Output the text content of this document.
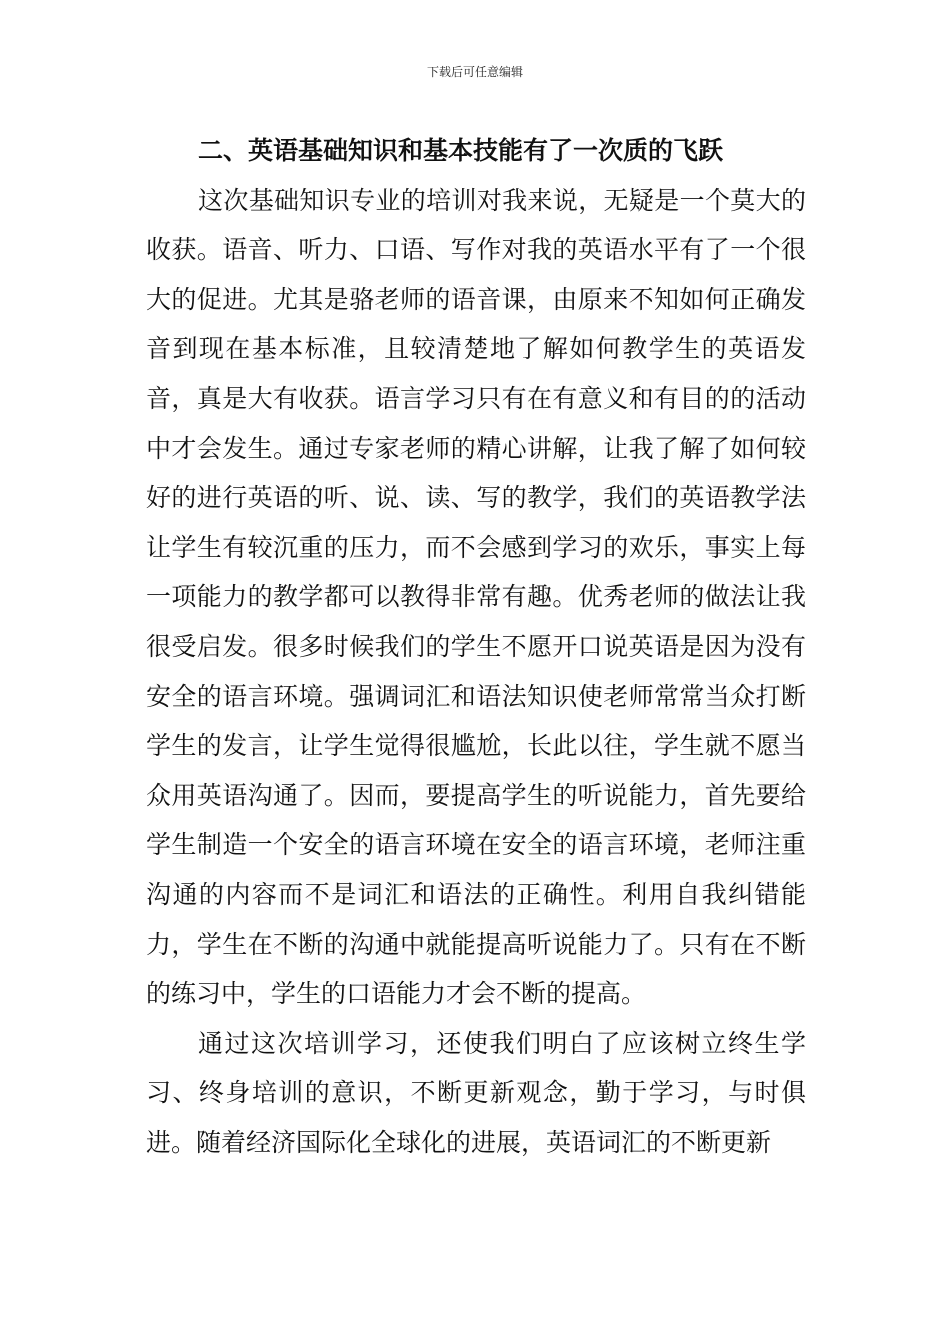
下载后可任意编辑
二、英语基础知识和基本技能有了一次质的飞跃

这次基础知识专业的培训对我来说，无疑是一个莫大的收获。语音、听力、口语、写作对我的英语水平有了一个很大的促进。尤其是骆老师的语音课，由原来不知如何正确发音到现在基本标准，且较清楚地了解如何教学生的英语发音，真是大有收获。语言学习只有在有意义和有目的的活动中才会发生。通过专家老师的精心讲解，让我了解了如何较好的进行英语的听、说、读、写的教学，我们的英语教学法让学生有较沉重的压力，而不会感到学习的欢乐，事实上每一项能力的教学都可以教得非常有趣。优秀老师的做法让我很受启发。很多时候我们的学生不愿开口说英语是因为没有安全的语言环境。强调词汇和语法知识使老师常常当众打断学生的发言，让学生觉得很尴尬，长此以往，学生就不愿当众用英语沟通了。因而，要提高学生的听说能力，首先要给学生制造一个安全的语言环境在安全的语言环境，老师注重沟通的内容而不是词汇和语法的正确性。利用自我纠错能力，学生在不断的沟通中就能提高听说能力了。只有在不断的练习中，学生的口语能力才会不断的提高。

通过这次培训学习，还使我们明白了应该树立终生学习、终身培训的意识，不断更新观念，勤于学习，与时俱进。随着经济国际化全球化的进展，英语词汇的不断更新
